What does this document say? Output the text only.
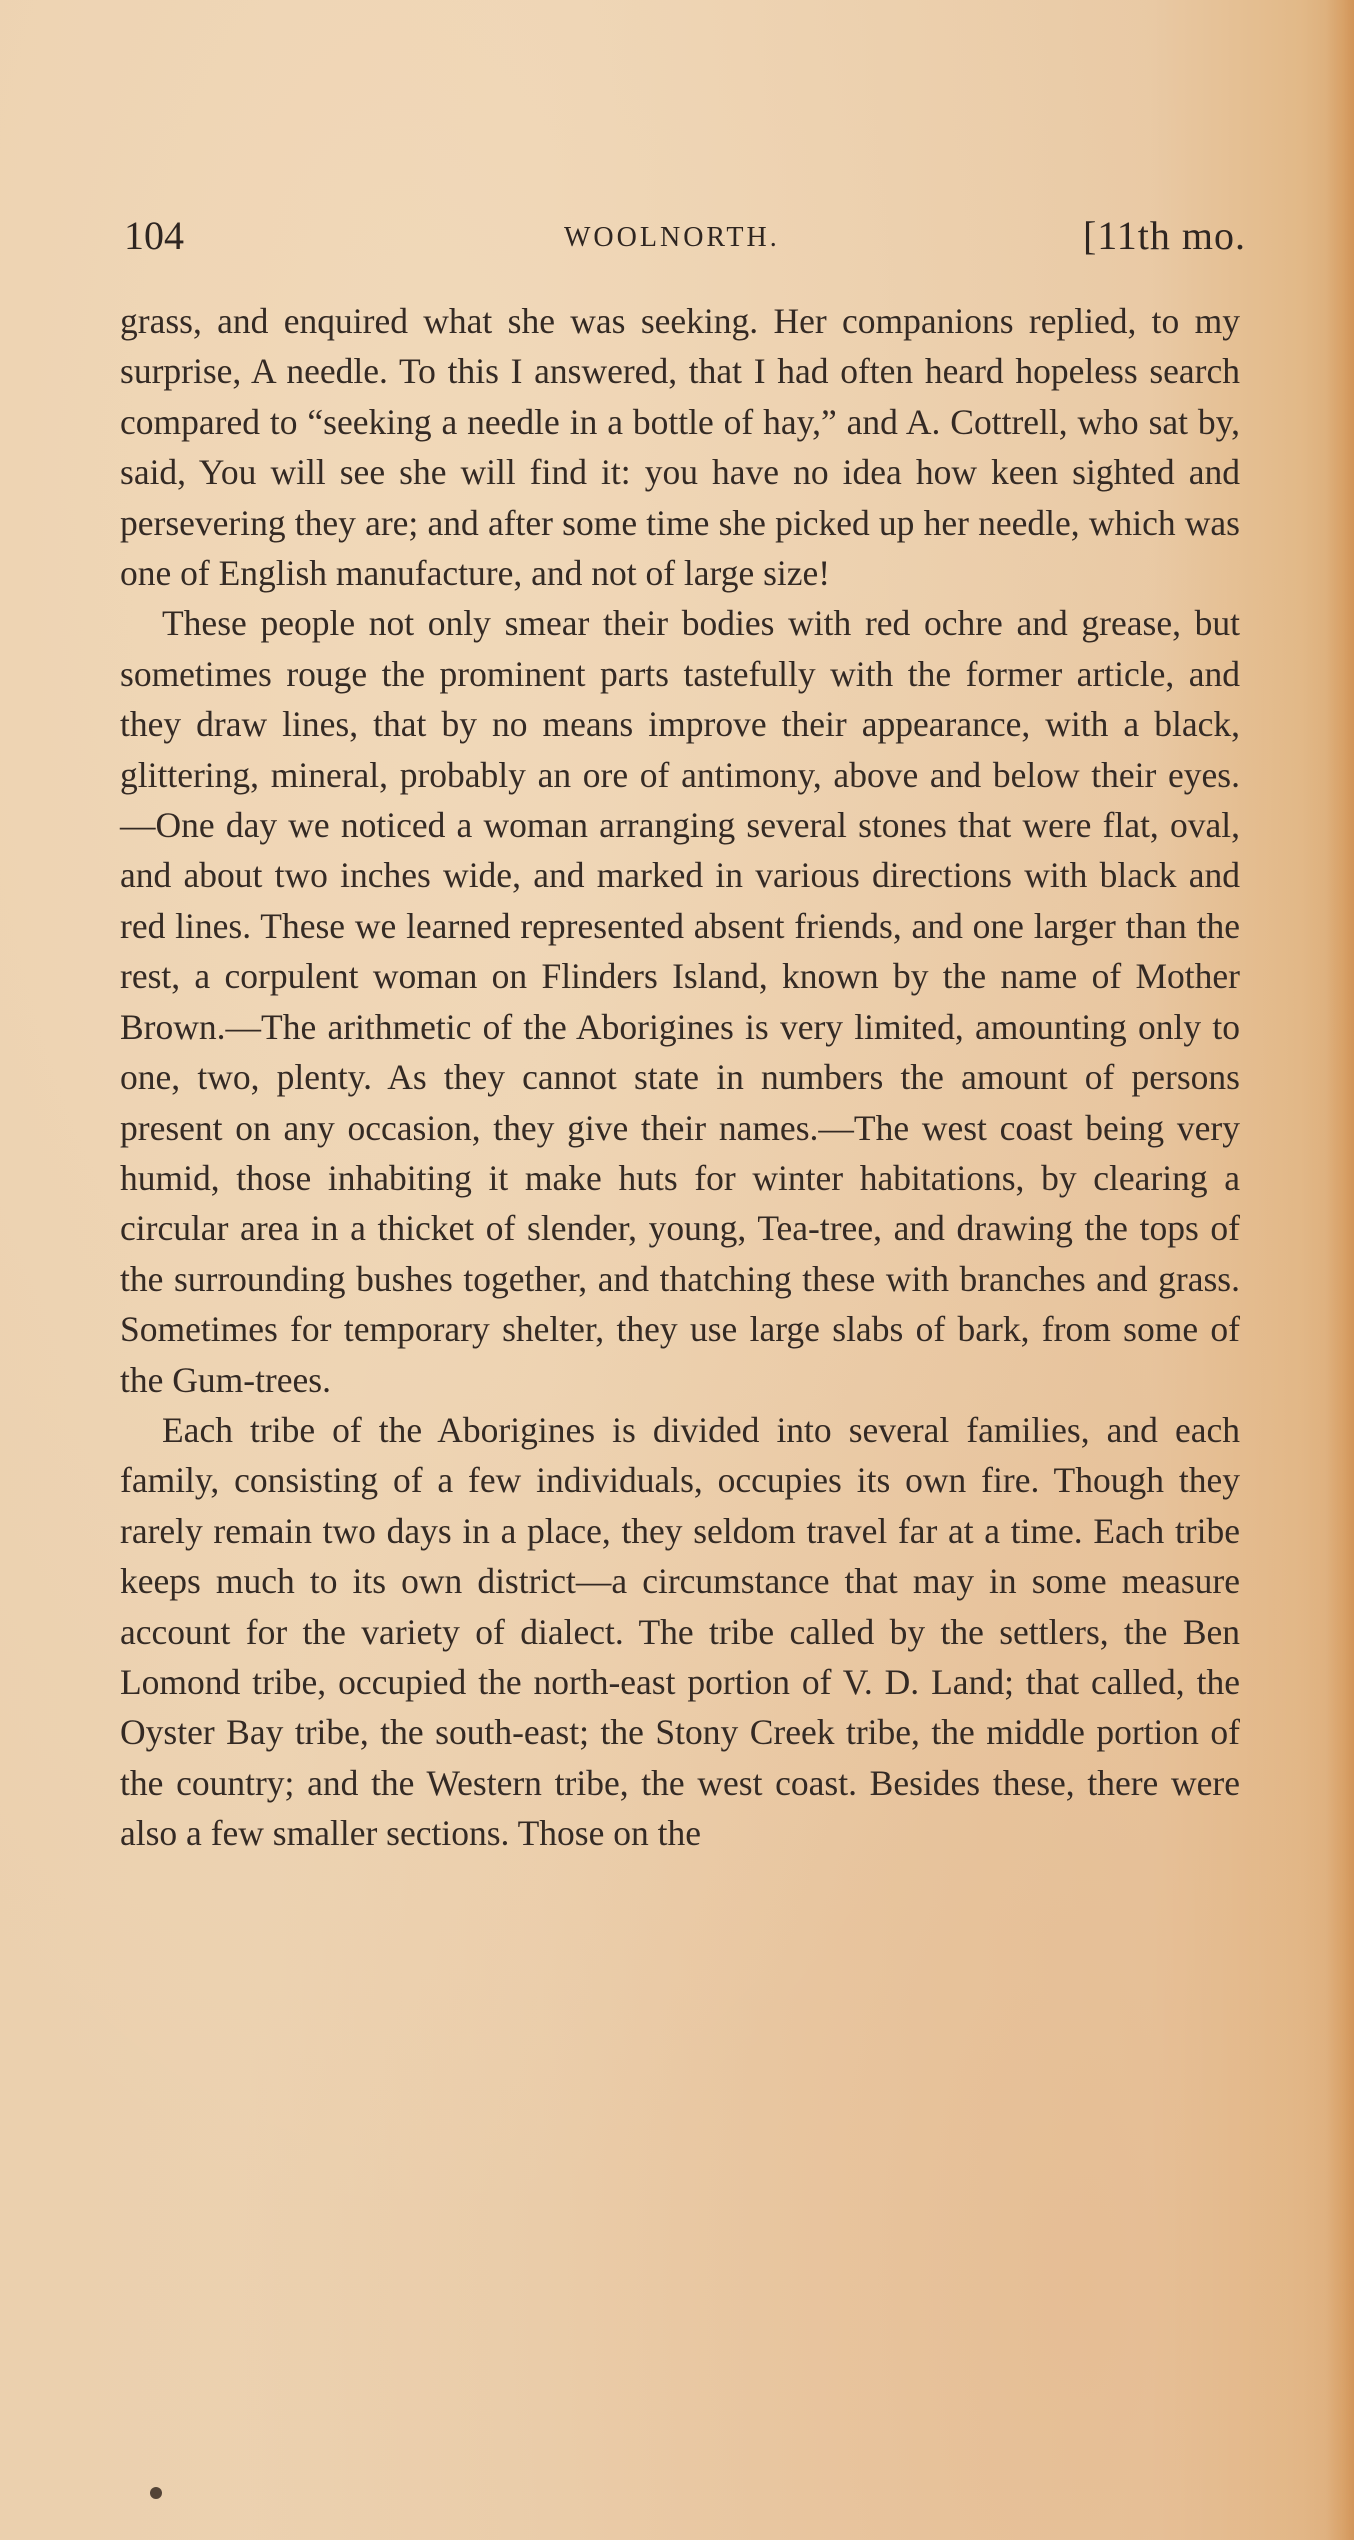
104	WOOLNORTH.	[11th mo.

grass, and enquired what she was seeking. Her companions replied, to my surprise, A needle. To this I answered, that I had often heard hopeless search compared to “seeking a needle in a bottle of hay,” and A. Cottrell, who sat by, said, You will see she will find it: you have no idea how keen sighted and persevering they are; and after some time she picked up her needle, which was one of English manufacture, and not of large size!

These people not only smear their bodies with red ochre and grease, but sometimes rouge the prominent parts tastefully with the former article, and they draw lines, that by no means improve their appearance, with a black, glittering, mineral, probably an ore of antimony, above and below their eyes.—One day we noticed a woman arranging several stones that were flat, oval, and about two inches wide, and marked in various directions with black and red lines. These we learned represented absent friends, and one larger than the rest, a corpulent woman on Flinders Island, known by the name of Mother Brown.—The arithmetic of the Aborigines is very limited, amounting only to one, two, plenty. As they cannot state in numbers the amount of persons present on any occasion, they give their names.—The west coast being very humid, those inhabiting it make huts for winter habitations, by clearing a circular area in a thicket of slender, young, Tea-tree, and drawing the tops of the surrounding bushes together, and thatching these with branches and grass. Sometimes for temporary shelter, they use large slabs of bark, from some of the Gum-trees.

Each tribe of the Aborigines is divided into several families, and each family, consisting of a few individuals, occupies its own fire. Though they rarely remain two days in a place, they seldom travel far at a time. Each tribe keeps much to its own district—a circumstance that may in some measure account for the variety of dialect. The tribe called by the settlers, the Ben Lomond tribe, occupied the north-east portion of V. D. Land; that called, the Oyster Bay tribe, the south-east; the Stony Creek tribe, the middle portion of the country; and the Western tribe, the west coast. Besides these, there were also a few smaller sections. Those on the
